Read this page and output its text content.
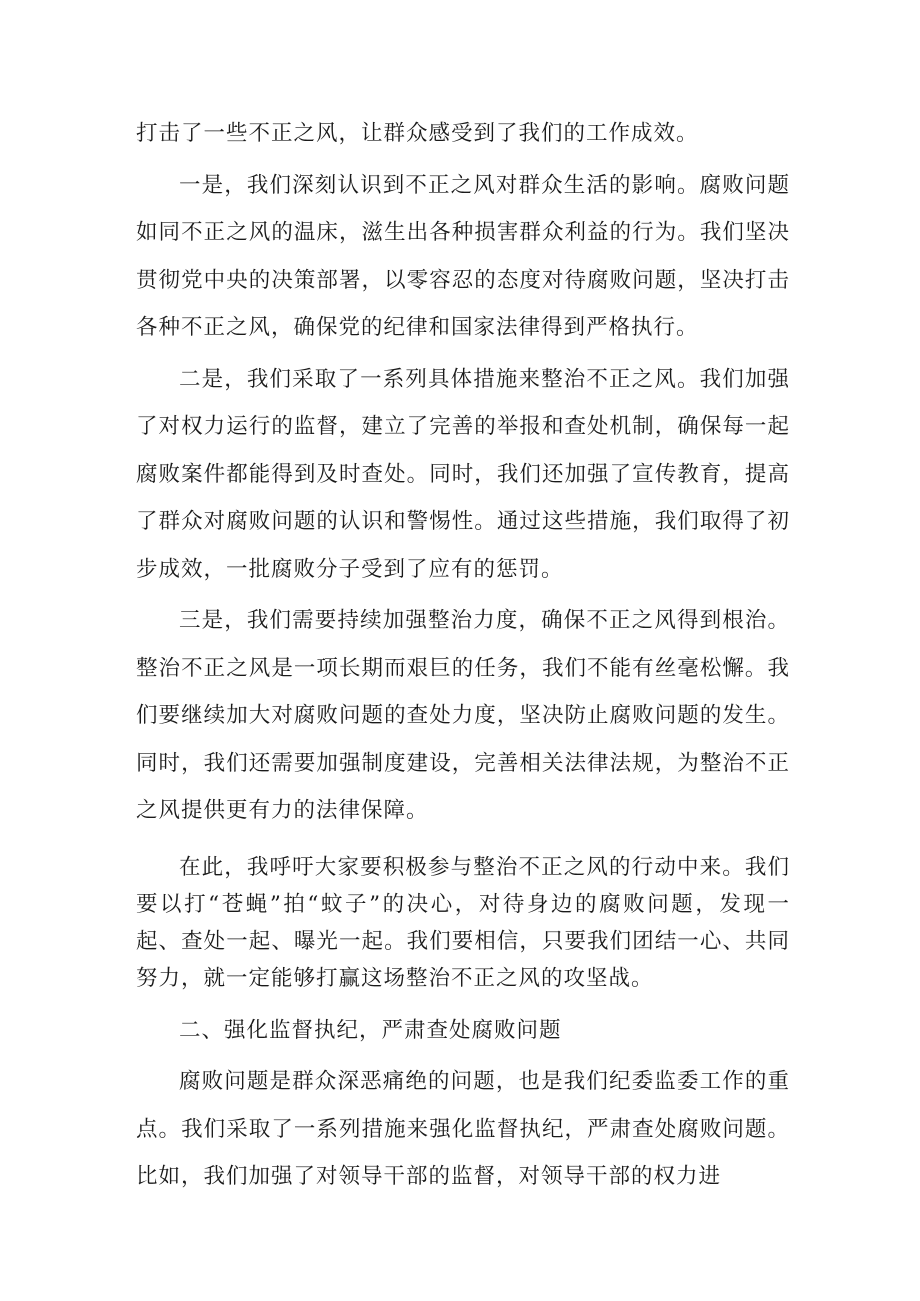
打击了一些不正之风，让群众感受到了我们的工作成效。

一是，我们深刻认识到不正之风对群众生活的影响。腐败问题如同不正之风的温床，滋生出各种损害群众利益的行为。我们坚决贯彻党中央的决策部署，以零容忍的态度对待腐败问题，坚决打击各种不正之风，确保党的纪律和国家法律得到严格执行。

二是，我们采取了一系列具体措施来整治不正之风。我们加强了对权力运行的监督，建立了完善的举报和查处机制，确保每一起腐败案件都能得到及时查处。同时，我们还加强了宣传教育，提高了群众对腐败问题的认识和警惕性。通过这些措施，我们取得了初步成效，一批腐败分子受到了应有的惩罚。

三是，我们需要持续加强整治力度，确保不正之风得到根治。整治不正之风是一项长期而艰巨的任务，我们不能有丝毫松懈。我们要继续加大对腐败问题的查处力度，坚决防止腐败问题的发生。同时，我们还需要加强制度建设，完善相关法律法规，为整治不正之风提供更有力的法律保障。

在此，我呼吁大家要积极参与整治不正之风的行动中来。我们要以打“苍蝇”拍“蚊子”的决心，对待身边的腐败问题，发现一起、查处一起、曝光一起。我们要相信，只要我们团结一心、共同努力，就一定能够打赢这场整治不正之风的攻坚战。

二、强化监督执纪，严肃查处腐败问题

腐败问题是群众深恶痛绝的问题，也是我们纪委监委工作的重点。我们采取了一系列措施来强化监督执纪，严肃查处腐败问题。比如，我们加强了对领导干部的监督，对领导干部的权力进
